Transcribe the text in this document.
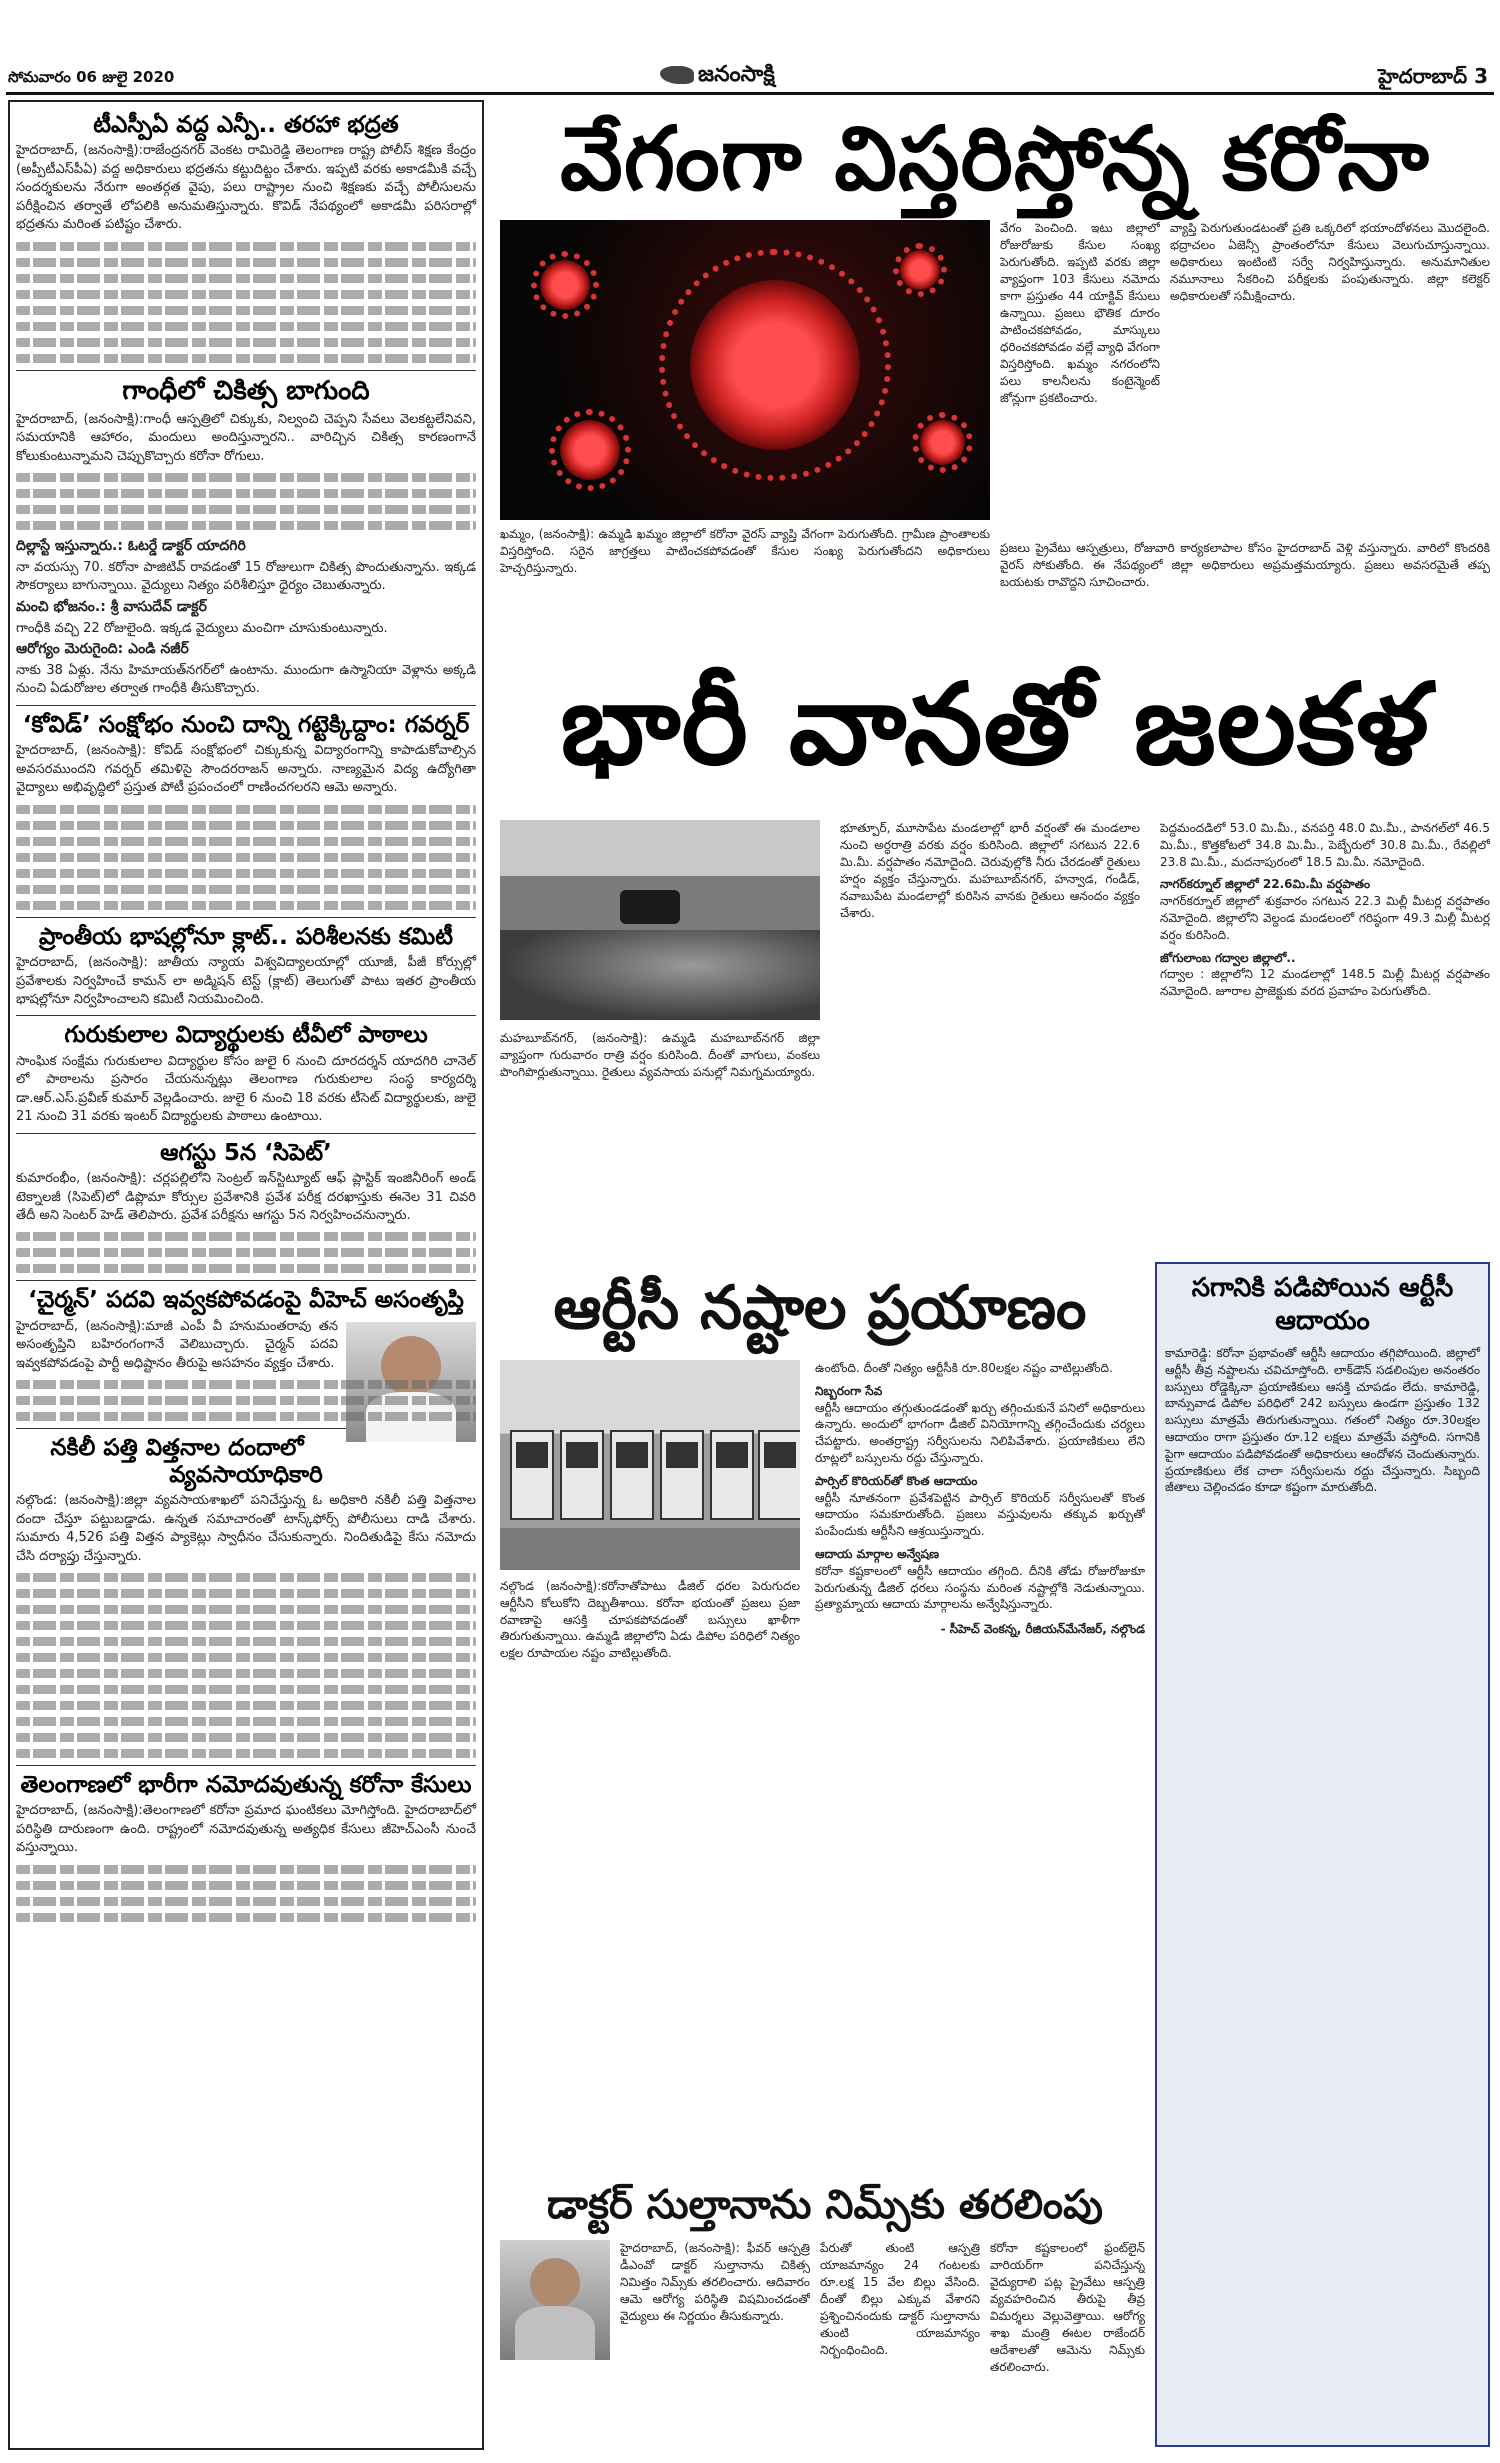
సోమవారం 06 జులై 2020	జనంసాక్షి	హైదరాబాద్ 3
టీఎస్పీఏ వద్ద ఎన్పీ.. తరహా భద్రత

హైదరాబాద్‌, (జనంసాక్షి):రాజేంద్రనగర్‌ వెంకట రామిరెడ్డి తెలంగాణ రాష్ట్ర పోలీస్‌ శిక్షణ కేంద్రం (అప్పీటీఎస్‌పీఏ) వద్ద అధికారులు భద్రతను కట్టుదిట్టం చేశారు. ఇప్పటి వరకు అకాడమీకి వచ్చే సందర్శకులను నేరుగా అంతర్గత వైపు, పలు రాష్ట్రాల నుంచి శిక్షణకు వచ్చే పోలీసులను పరీక్షించిన తర్వాతే లోపలికి అనుమతిస్తున్నారు. కొవిడ్‌ నేపథ్యంలో అకాడమీ పరిసరాల్లో భద్రతను మరింత పటిష్టం చేశారు.

గాంధీలో చికిత్స బాగుంది

హైదరాబాద్‌, (జనంసాక్షి):గాంధీ ఆస్పత్రిలో చిక్కుకు, నిల్వంచి చెప్పని సేవలు వెలకట్టలేనివని, సమయానికి ఆహారం, మందులు అందిస్తున్నారని.. వారిచ్చిన చికిత్స కారణంగానే కోలుకుంటున్నామని చెప్పుకొచ్చారు కరోనా రోగులు.

దిల్లాస్టే ఇస్తున్నారు.: ఓటర్డే డాక్టర్ యాదగిరి

నా వయస్సు 70. కరోనా పాజిటివ్‌ రావడంతో 15 రోజులుగా చికిత్స పొందుతున్నాను. ఇక్కడ సౌకర్యాలు బాగున్నాయి. వైద్యులు నిత్యం పరిశీలిస్తూ ధైర్యం చెబుతున్నారు.

మంచి భోజనం.: శ్రీ వాసుదేవ్ డాక్టర్

గాంధీకి వచ్చి 22 రోజులైంది. ఇక్కడ వైద్యులు మంచిగా చూసుకుంటున్నారు.

ఆరోగ్యం మెరుగైంది: ఎండి నజీర్

నాకు 38 ఏళ్లు. నేను హిమాయత్‌నగర్‌లో ఉంటాను. ముందుగా ఉస్మానియా వెళ్లాను అక్కడి నుంచి ఏడురోజుల తర్వాత గాంధీకి తీసుకొచ్చారు.

‘కోవిడ్‌’ సంక్షోభం నుంచి దాన్ని గట్టెక్కిద్దాం: గవర్నర్‌

హైదరాబాద్‌, (జనంసాక్షి): కోవిడ్‌ సంక్షోభంలో చిక్కుకున్న విద్యారంగాన్ని కాపాడుకోవాల్సిన అవసరముందని గవర్నర్‌ తమిళిసై సౌందరరాజన్‌ అన్నారు. నాణ్యమైన విద్య ఉద్యోగితా వైద్యాలు అభివృద్ధిలో ప్రస్తుత పోటీ ప్రపంచంలో రాణించగలరని ఆమె అన్నారు.

ప్రాంతీయ భాషల్లోనూ క్లాట్‌.. పరిశీలనకు కమిటీ

హైదరాబాద్‌, (జనంసాక్షి): జాతీయ న్యాయ విశ్వవిద్యాలయాల్లో యూజీ, పీజీ కోర్సుల్లో ప్రవేశాలకు నిర్వహించే కామన్‌ లా అడ్మిషన్‌ టెస్ట్‌ (క్లాట్‌) తెలుగుతో పాటు ఇతర ప్రాంతీయ భాషల్లోనూ నిర్వహించాలని కమిటీ నియమించింది.

గురుకులాల విద్యార్థులకు టీవీలో పాఠాలు

సాంఘిక సంక్షేమ గురుకులాల విద్యార్థుల కోసం జులై 6 నుంచి దూరదర్శన్‌ యాదగిరి చానెల్‌ లో పాఠాలను ప్రసారం చేయనున్నట్లు తెలంగాణ గురుకులాల సంస్థ కార్యదర్శి డా.ఆర్‌.ఎస్‌.ప్రవీణ్‌ కుమార్‌ వెల్లడించారు. జులై 6 నుంచి 18 వరకు టీసెట్‌ విద్యార్థులకు, జులై 21 నుంచి 31 వరకు ఇంటర్‌ విద్యార్థులకు పాఠాలు ఉంటాయి.

ఆగస్టు 5న ‘సిపెట్‌’

కుమారంభీం, (జనంసాక్షి): చర్లపల్లిలోని సెంట్రల్‌ ఇన్‌స్టిట్యూట్‌ ఆఫ్‌ ప్లాస్టిక్‌ ఇంజినీరింగ్‌ అండ్‌ టెక్నాలజీ (సిపెట్‌)లో డిప్లొమా కోర్సుల ప్రవేశానికి ప్రవేశ పరీక్ష దరఖాస్తుకు ఈనెల 31 చివరి తేదీ అని సెంటర్‌ హెడ్‌ తెలిపారు. ప్రవేశ పరీక్షను ఆగస్టు 5న నిర్వహించనున్నారు.

‘చైర్మన్‌’ పదవి ఇవ్వకపోవడంపై వీహెచ్‌ అసంతృప్తి

హైదరాబాద్‌, (జనంసాక్షి):మాజీ ఎంపీ వీ హనుమంతరావు తన అసంతృప్తిని బహిరంగంగానే వెలిబుచ్చారు. చైర్మన్‌ పదవి ఇవ్వకపోవడంపై పార్టీ అధిష్టానం తీరుపై అసహనం వ్యక్తం చేశారు.

నకిలీ పత్తి విత్తనాల దందాలో వ్యవసాయాధికారి

నల్గొండ: (జనంసాక్షి):జిల్లా వ్యవసాయశాఖలో పనిచేస్తున్న ఓ అధికారి నకిలీ పత్తి విత్తనాల దందా చేస్తూ పట్టుబడ్డాడు. ఉన్నత సమాచారంతో టాస్క్‌ఫోర్స్‌ పోలీసులు దాడి చేశారు. సుమారు 4,526 పత్తి విత్తన ప్యాకెట్లు స్వాధీనం చేసుకున్నారు. నిందితుడిపై కేసు నమోదు చేసి దర్యాప్తు చేస్తున్నారు.

తెలంగాణలో భారీగా నమోదవుతున్న కరోనా కేసులు

హైదరాబాద్‌, (జనంసాక్షి):తెలంగాణలో కరోనా ప్రమాద ఘంటికలు మోగిస్తోంది. హైదరాబాద్‌లో పరిస్థితి దారుణంగా ఉంది. రాష్ట్రంలో నమోదవుతున్న అత్యధిక కేసులు జీహెచ్‌ఎంసీ నుంచే వస్తున్నాయి.

వేగంగా విస్తరిస్తోన్న కరోనా
ఖమ్మం, (జనంసాక్షి): ఉమ్మడి ఖమ్మం జిల్లాలో కరోనా వైరస్‌ వ్యాప్తి వేగంగా పెరుగుతోంది. గ్రామీణ ప్రాంతాలకు విస్తరిస్తోంది. సరైన జాగ్రత్తలు పాటించకపోవడంతో కేసుల సంఖ్య పెరుగుతోందని అధికారులు హెచ్చరిస్తున్నారు.
వేగం పెంచింది. ఇటు జిల్లాలో రోజురోజుకు కేసుల సంఖ్య పెరుగుతోంది. ఇప్పటి వరకు జిల్లా వ్యాప్తంగా 103 కేసులు నమోదు కాగా ప్రస్తుతం 44 యాక్టివ్‌ కేసులు ఉన్నాయి. ప్రజలు భౌతిక దూరం పాటించకపోవడం, మాస్కులు ధరించకపోవడం వల్లే వ్యాధి వేగంగా విస్తరిస్తోంది. ఖమ్మం నగరంలోని పలు కాలనీలను కంటైన్మెంట్‌ జోన్లుగా ప్రకటించారు.
వ్యాప్తి పెరుగుతుండటంతో ప్రతి ఒక్కరిలో భయాందోళనలు మొదలైంది. భద్రాచలం ఏజెన్సీ ప్రాంతంలోనూ కేసులు వెలుగుచూస్తున్నాయి. అధికారులు ఇంటింటి సర్వే నిర్వహిస్తున్నారు. అనుమానితుల నమూనాలు సేకరించి పరీక్షలకు పంపుతున్నారు. జిల్లా కలెక్టర్‌ అధికారులతో సమీక్షించారు.
ప్రజలు ప్రైవేటు ఆస్పత్రులు, రోజువారి కార్యకలాపాల కోసం హైదరాబాద్‌ వెళ్లి వస్తున్నారు. వారిలో కొందరికి వైరస్‌ సోకుతోంది. ఈ నేపథ్యంలో జిల్లా అధికారులు అప్రమత్తమయ్యారు. ప్రజలు అవసరమైతే తప్ప బయటకు రావొద్దని సూచించారు.
భారీ వానతో జలకళ
మహబూబ్‌నగర్‌, (జనంసాక్షి): ఉమ్మడి మహబూబ్‌నగర్‌ జిల్లా వ్యాప్తంగా గురువారం రాత్రి వర్షం కురిసింది. దీంతో వాగులు, వంకలు పొంగిపొర్లుతున్నాయి. రైతులు వ్యవసాయ పనుల్లో నిమగ్నమయ్యారు.
భూత్పూర్‌, మూసాపేట మండలాల్లో భారీ వర్షంతో ఈ మండలాల నుంచి అర్ధరాత్రి వరకు వర్షం కురిసింది. జిల్లాలో సగటున 22.6 మి.మీ. వర్షపాతం నమోదైంది. చెరువుల్లోకి నీరు చేరడంతో రైతులు హర్షం వ్యక్తం చేస్తున్నారు. మహబూబ్‌నగర్‌, హన్వాడ, గండీడ్‌, నవాబుపేట మండలాల్లో కురిసిన వానకు రైతులు ఆనందం వ్యక్తం చేశారు.

పెద్దమందడిలో 53.0 మి.మీ., వనపర్తి 48.0 మి.మీ., పానగల్‌లో 46.5 మి.మీ., కొత్తకోటలో 34.8 మి.మీ., పెబ్బేరులో 30.8 మి.మీ., రేవల్లిలో 23.8 మి.మీ., మదనాపురంలో 18.5 మి.మీ. నమోదైంది.

నాగర్‌కర్నూల్‌ జిల్లాలో 22.6మి.మీ వర్షపాతం

నాగర్‌కర్నూల్‌ జిల్లాలో శుక్రవారం సగటున 22.3 మిల్లీ మీటర్ల వర్షపాతం నమోదైంది. జిల్లాలోని వెల్దండ మండలంలో గరిష్ఠంగా 49.3 మిల్లీ మీటర్ల వర్షం కురిసింది.

జోగులాంబ గద్వాల జిల్లాలో..

గద్వాల : జిల్లాలోని 12 మండలాల్లో 148.5 మిల్లీ మీటర్ల వర్షపాతం నమోదైంది. జూరాల ప్రాజెక్టుకు వరద ప్రవాహం పెరుగుతోంది.

ఆర్టీసీ నష్టాల ప్రయాణం
నల్గొండ (జనంసాక్షి):కరోనాతోపాటు డీజిల్‌ ధరల పెరుగుదల ఆర్టీసీని కోలుకోని దెబ్బతీశాయి. కరోనా భయంతో ప్రజలు ప్రజా రవాణాపై ఆసక్తి చూపకపోవడంతో బస్సులు ఖాళీగా తిరుగుతున్నాయి. ఉమ్మడి జిల్లాలోని ఏడు డిపోల పరిధిలో నిత్యం లక్షల రూపాయల నష్టం వాటిల్లుతోంది.

ఉంటోంది. దీంతో నిత్యం ఆర్టీసీకి రూ.80లక్షల నష్టం వాటిల్లుతోంది.

నిబ్బరంగా సేవ

ఆర్టీసీ ఆదాయం తగ్గుతుండడంతో ఖర్చు తగ్గించుకునే పనిలో అధికారులు ఉన్నారు. అందులో భాగంగా డీజిల్‌ వినియోగాన్ని తగ్గించేందుకు చర్యలు చేపట్టారు. అంతర్రాష్ట్ర సర్వీసులను నిలిపివేశారు. ప్రయాణికులు లేని రూట్లలో బస్సులను రద్దు చేస్తున్నారు.

పార్సిల్‌ కొరియర్‌తో కొంత ఆదాయం

ఆర్టీసీ నూతనంగా ప్రవేశపెట్టిన పార్సిల్‌ కొరియర్‌ సర్వీసులతో కొంత ఆదాయం సమకూరుతోంది. ప్రజలు వస్తువులను తక్కువ ఖర్చుతో పంపేందుకు ఆర్టీసీని ఆశ్రయిస్తున్నారు.

ఆదాయ మార్గాల అన్వేషణ

కరోనా కష్టకాలంలో ఆర్టీసీ ఆదాయం తగ్గింది. దీనికి తోడు రోజురోజుకూ పెరుగుతున్న డీజిల్‌ ధరలు సంస్థను మరింత నష్టాల్లోకి నెడుతున్నాయి. ప్రత్యామ్నాయ ఆదాయ మార్గాలను అన్వేషిస్తున్నారు.

- సీహెచ్‌ వెంకన్న, రీజియన్‌మేనేజర్‌, నల్గొండ

సగానికి పడిపోయిన ఆర్టీసీ ఆదాయం

కామారెడ్డి: కరోనా ప్రభావంతో ఆర్టీసీ ఆదాయం తగ్గిపోయింది. జిల్లాలో ఆర్టీసీ తీవ్ర నష్టాలను చవిచూస్తోంది. లాక్‌డౌన్‌ సడలింపుల అనంతరం బస్సులు రోడ్డెక్కినా ప్రయాణికులు ఆసక్తి చూపడం లేదు. కామారెడ్డి, బాన్సువాడ డిపోల పరిధిలో 242 బస్సులు ఉండగా ప్రస్తుతం 132 బస్సులు మాత్రమే తిరుగుతున్నాయి. గతంలో నిత్యం రూ.30లక్షల ఆదాయం రాగా ప్రస్తుతం రూ.12 లక్షలు మాత్రమే వస్తోంది. సగానికి పైగా ఆదాయం పడిపోవడంతో అధికారులు ఆందోళన చెందుతున్నారు. ప్రయాణికులు లేక చాలా సర్వీసులను రద్దు చేస్తున్నారు. సిబ్బంది జీతాలు చెల్లించడం కూడా కష్టంగా మారుతోంది.

డాక్టర్‌ సుల్తానాను నిమ్స్‌కు తరలింపు
హైదరాబాద్‌, (జనంసాక్షి): ఫీవర్‌ ఆస్పత్రి డీఎంవో డాక్టర్‌ సుల్తానాను చికిత్స నిమిత్తం నిమ్స్‌కు తరలించారు. ఆదివారం ఆమె ఆరోగ్య పరిస్థితి విషమించడంతో వైద్యులు ఈ నిర్ణయం తీసుకున్నారు.
పేరుతో తుంటి ఆస్పత్రి యాజమాన్యం 24 గంటలకు రూ.లక్ష 15 వేల బిల్లు వేసింది. దీంతో బిల్లు ఎక్కువ వేశారని ప్రశ్నించినందుకు డాక్టర్‌ సుల్తానాను తుంటి యాజమాన్యం నిర్బంధించింది.
కరోనా కష్టకాలంలో ఫ్రంట్‌లైన్‌ వారియర్‌గా పనిచేస్తున్న వైద్యురాలి పట్ల ప్రైవేటు ఆస్పత్రి వ్యవహరించిన తీరుపై తీవ్ర విమర్శలు వెల్లువెత్తాయి. ఆరోగ్య శాఖ మంత్రి ఈటల రాజేందర్‌ ఆదేశాలతో ఆమెను నిమ్స్‌కు తరలించారు.
